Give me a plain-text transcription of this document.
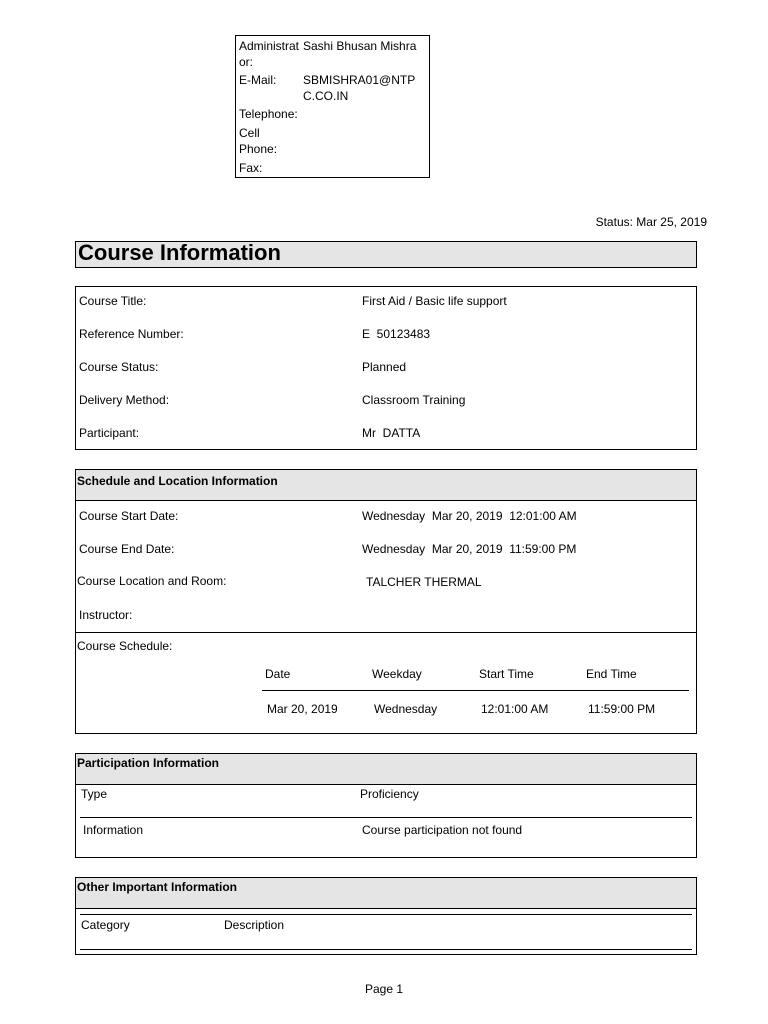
Administrator:
Sashi Bhusan Mishra
E-Mail:	SBMISHRA01@NTPC.CO.IN
Telephone:
Cell Phone:
Fax:
Status: Mar 25, 2019
Course Information
Course Title:	First Aid / Basic life support
Reference Number:	E  50123483
Course Status:	Planned
Delivery Method:	Classroom Training
Participant:	Mr  DATTA
Schedule and Location Information
Course Start Date:	Wednesday  Mar 20, 2019  12:01:00 AM
Course End Date:	Wednesday  Mar 20, 2019  11:59:00 PM
Course Location and Room:	TALCHER THERMAL
Instructor:
Course Schedule:
Date	Weekday	Start Time	End Time
Mar 20, 2019	Wednesday	12:01:00 AM	11:59:00 PM
Participation Information
Type	Proficiency
Information	Course participation not found
Other Important Information
Category	Description
Page 1
